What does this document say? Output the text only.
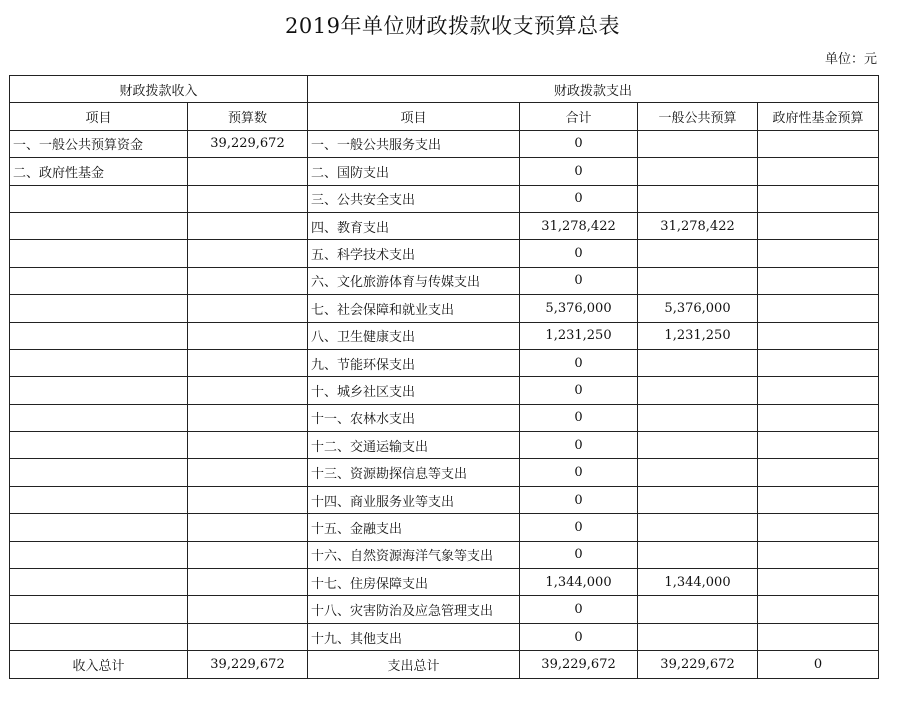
2019年单位财政拨款收支预算总表
单位：元
财政拨款收入		财政拨款支出			
项目	预算数	项目	合计	一般公共预算	政府性基金预算
一、一般公共预算资金	39,229,672	一、一般公共服务支出	0		
二、政府性基金		二、国防支出	0		
		三、公共安全支出	0		
		四、教育支出	31,278,422	31,278,422	
		五、科学技术支出	0		
		六、文化旅游体育与传媒支出	0		
		七、社会保障和就业支出	5,376,000	5,376,000	
		八、卫生健康支出	1,231,250	1,231,250	
		九、节能环保支出	0		
		十、城乡社区支出	0		
		十一、农林水支出	0		
		十二、交通运输支出	0		
		十三、资源勘探信息等支出	0		
		十四、商业服务业等支出	0		
		十五、金融支出	0		
		十六、自然资源海洋气象等支出	0		
		十七、住房保障支出	1,344,000	1,344,000	
		十八、灾害防治及应急管理支出	0		
		十九、其他支出	0		
收入总计	39,229,672	支出总计	39,229,672	39,229,672	0
